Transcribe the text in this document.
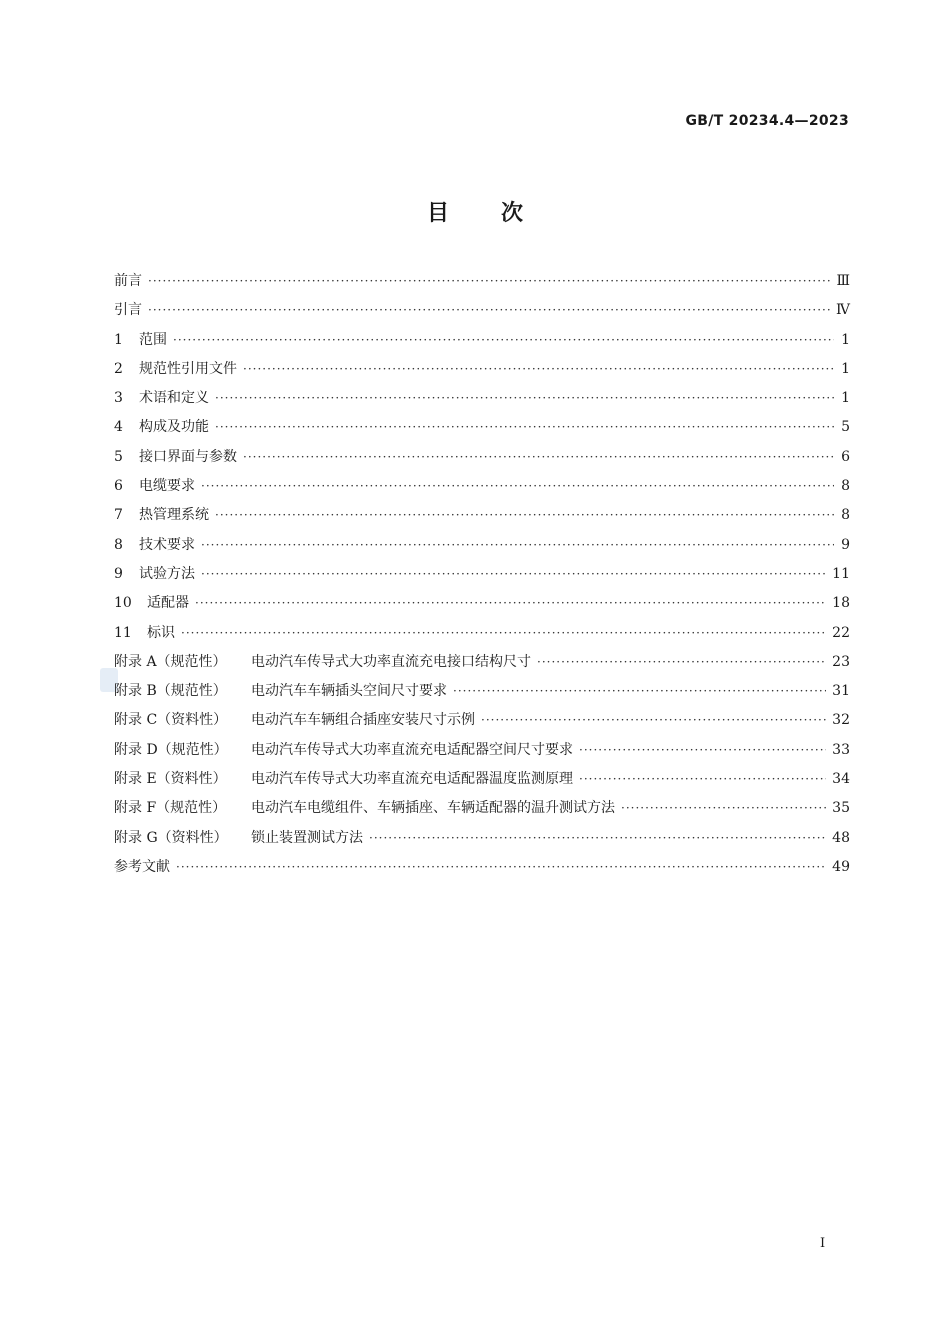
GB/T 20234.4—2023
目次
前言 ·····	Ⅲ
引言 ·····	Ⅳ
1	范围 ·····	1
2	规范性引用文件 ·····	1
3	术语和定义 ·····	1
4	构成及功能 ·····	5
5	接口界面与参数 ·····	6
6	电缆要求 ·····	8
7	热管理系统 ·····	8
8	技术要求 ·····	9
9	试验方法 ·····	11
10	适配器 ·····	18
11	标识 ·····	22
附录 A（规范性）	电动汽车传导式大功率直流充电接口结构尺寸 ·····	23
附录 B（规范性）	电动汽车车辆插头空间尺寸要求 ·····	31
附录 C（资料性）	电动汽车车辆组合插座安装尺寸示例 ·····	32
附录 D（规范性）	电动汽车传导式大功率直流充电适配器空间尺寸要求 ·····	33
附录 E（资料性）	电动汽车传导式大功率直流充电适配器温度监测原理 ·····	34
附录 F（规范性）	电动汽车电缆组件、车辆插座、车辆适配器的温升测试方法 ·····	35
附录 G（资料性）	锁止装置测试方法 ·····	48
参考文献 ·····	49
Ⅰ
